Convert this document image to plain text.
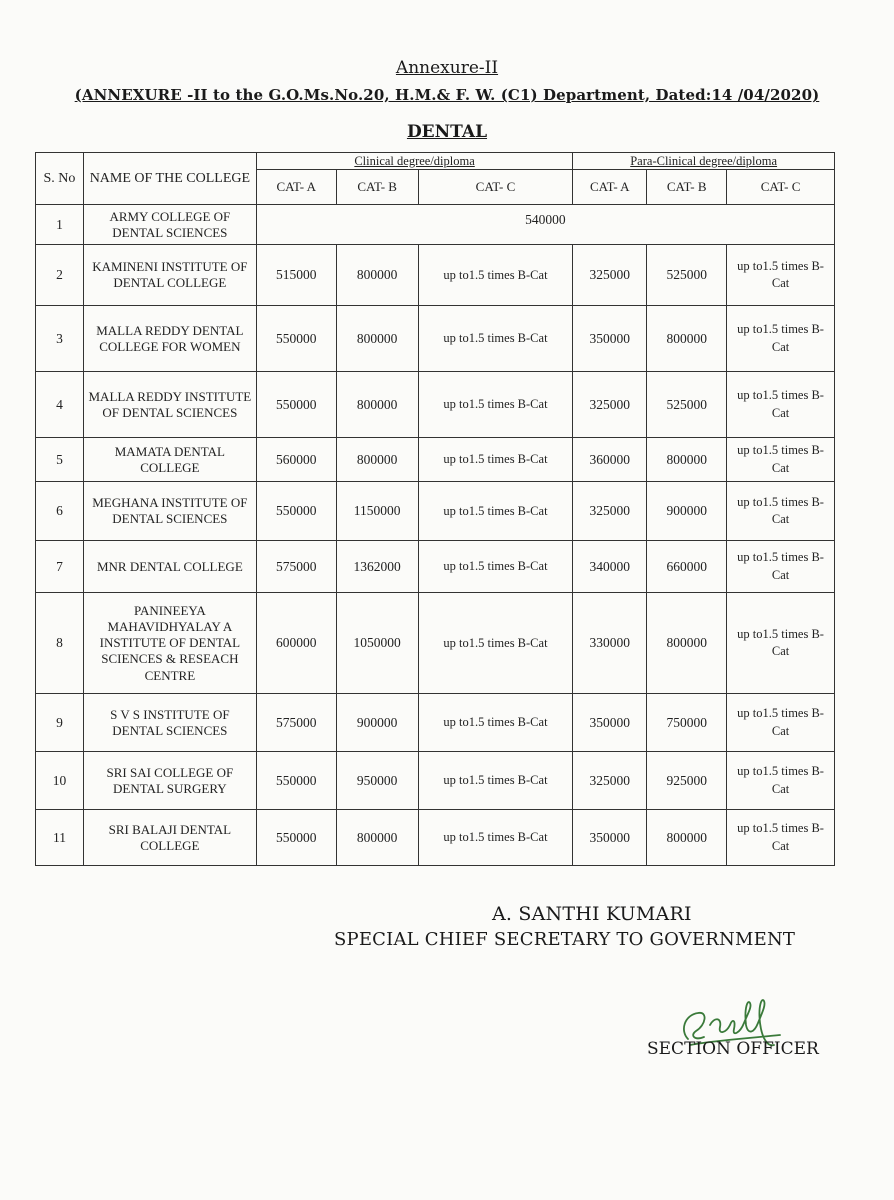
Annexure-II
(ANNEXURE -II to the G.O.Ms.No.20, H.M.& F. W. (C1) Department, Dated:14 /04/2020)
DENTAL
S. No	NAME OF THE COLLEGE	Clinical degree/diploma			Para-Clinical degree/diploma		
		CAT- A	CAT- B	CAT- C	CAT- A	CAT- B	CAT- C
1	ARMY COLLEGE OF DENTAL SCIENCES	540000					
2	KAMINENI INSTITUTE OF DENTAL COLLEGE	515000	800000	up to1.5 times B-Cat	325000	525000	up to1.5 times B-Cat
3	MALLA REDDY DENTAL COLLEGE FOR WOMEN	550000	800000	up to1.5 times B-Cat	350000	800000	up to1.5 times B-Cat
4	MALLA REDDY INSTITUTE OF DENTAL SCIENCES	550000	800000	up to1.5 times B-Cat	325000	525000	up to1.5 times B-Cat
5	MAMATA DENTAL COLLEGE	560000	800000	up to1.5 times B-Cat	360000	800000	up to1.5 times B-Cat
6	MEGHANA INSTITUTE OF DENTAL SCIENCES	550000	1150000	up to1.5 times B-Cat	325000	900000	up to1.5 times B-Cat
7	MNR DENTAL COLLEGE	575000	1362000	up to1.5 times B-Cat	340000	660000	up to1.5 times B-Cat
8	PANINEEYA MAHAVIDHYALAY A INSTITUTE OF DENTAL SCIENCES & RESEACH CENTRE	600000	1050000	up to1.5 times B-Cat	330000	800000	up to1.5 times B-Cat
9	S V S INSTITUTE OF DENTAL SCIENCES	575000	900000	up to1.5 times B-Cat	350000	750000	up to1.5 times B-Cat
10	SRI SAI COLLEGE OF DENTAL SURGERY	550000	950000	up to1.5 times B-Cat	325000	925000	up to1.5 times B-Cat
11	SRI BALAJI DENTAL COLLEGE	550000	800000	up to1.5 times B-Cat	350000	800000	up to1.5 times B-Cat
A. SANTHI KUMARI
SPECIAL CHIEF SECRETARY TO GOVERNMENT
SECTION OFFICER
